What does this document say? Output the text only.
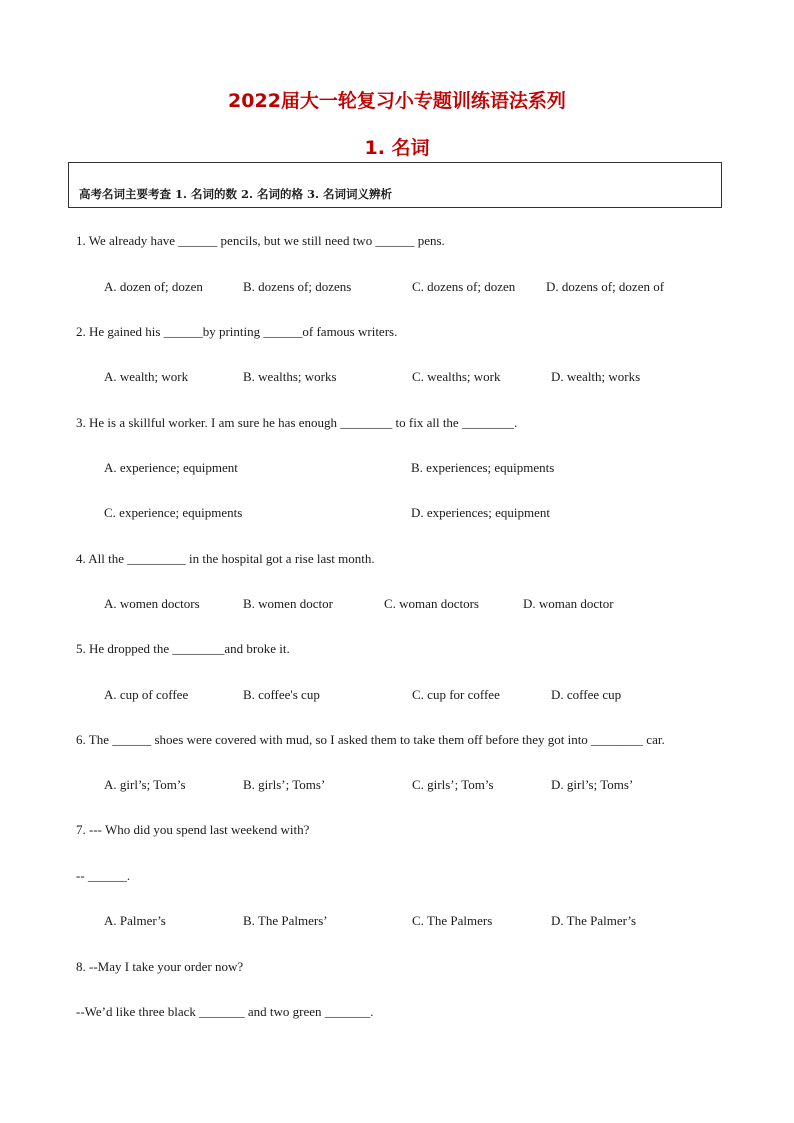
2022届大一轮复习小专题训练语法系列
1. 名词
高考名词主要考查 1. 名词的数 2. 名词的格 3. 名词词义辨析
1. We already have ______ pencils, but we still need two ______ pens.
A. dozen of; dozen	B. dozens of; dozens	C. dozens of; dozen D. dozens of; dozen of
2. He gained his ______by printing ______of famous writers.
A. wealth; work	B. wealths; works	C. wealths; work	D. wealth; works
3. He is a skillful worker. I am sure he has enough ________ to fix all the ________.
A. experience; equipment	B. experiences; equipments
C. experience; equipments	D. experiences; equipment
4. All the _________ in the hospital got a rise last month.
A. women doctors	B. women doctor	C. woman doctors	D. woman doctor
5. He dropped the ________and broke it.
A. cup of coffee	B. coffee's cup	C. cup for coffee	D. coffee cup
6. The ______ shoes were covered with mud, so I asked them to take them off before they got into ________ car.
A. girl’s; Tom’s	B. girls’; Toms’	C. girls’; Tom’s	D. girl’s; Toms’
7. --- Who did you spend last weekend with?
-- ______.
A. Palmer’s	B. The Palmers’	C. The Palmers	D. The Palmer’s
8. --May I take your order now?
--We’d like three black _______ and two green _______.
